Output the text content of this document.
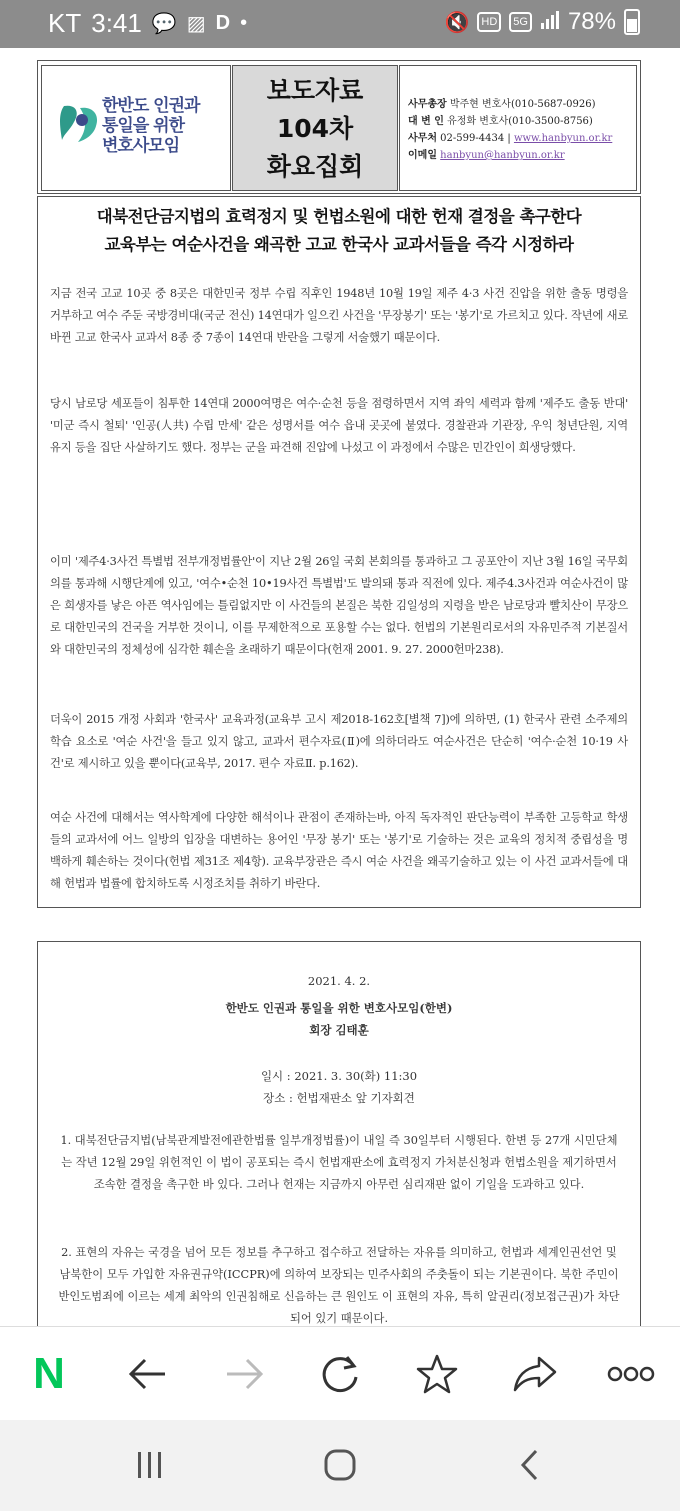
KT 3:41 💬 ▨ D •	🔇	HD	5G 78%
한반도 인권과
통일을 위한
변호사모임
보도자료
104차
화요집회
사무총장 박주현 변호사(010-5687-0926)
대 변 인 유정화 변호사(010-3500-8756)
사무처 02-599-4434 | www.hanbyun.or.kr
이메일 hanbyun@hanbyun.or.kr
대북전단금지법의 효력정지 및 헌법소원에 대한 헌재 결정을 촉구한다
교육부는 여순사건을 왜곡한 고교 한국사 교과서들을 즉각 시정하라
지금 전국 고교 10곳 중 8곳은 대한민국 정부 수립 직후인 1948년 10월 19일 제주 4·3 사건 진압을 위한 출동 명령을 거부하고 여수 주둔 국방경비대(국군 전신) 14연대가 일으킨 사건을 '무장봉기' 또는 '봉기'로 가르치고 있다. 작년에 새로 바뀐 고교 한국사 교과서 8종 중 7종이 14연대 반란을 그렇게 서술했기 때문이다.
당시 남로당 세포들이 침투한 14연대 2000여명은 여수·순천 등을 점령하면서 지역 좌익 세력과 함께 '제주도 출동 반대' '미군 즉시 철퇴' '인공(人共) 수립 만세' 같은 성명서를 여수 읍내 곳곳에 붙였다. 경찰관과 기관장, 우익 청년단원, 지역 유지 등을 집단 사살하기도 했다. 정부는 군을 파견해 진압에 나섰고 이 과정에서 수많은 민간인이 희생당했다.
이미 '제주4·3사건 특별법 전부개정법률안'이 지난 2월 26일 국회 본회의를 통과하고 그 공포안이 지난 3월 16일 국무회의를 통과해 시행단계에 있고, '여수•순천 10•19사건 특별법'도 발의돼 통과 직전에 있다. 제주4.3사건과 여순사건이 많은 희생자를 낳은 아픈 역사임에는 틀림없지만 이 사건들의 본질은 북한 김일성의 지령을 받은 남로당과 빨치산이 무장으로 대한민국의 건국을 거부한 것이니, 이를 무제한적으로 포용할 수는 없다. 헌법의 기본원리로서의 자유민주적 기본질서와 대한민국의 정체성에 심각한 훼손을 초래하기 때문이다(헌재 2001. 9. 27. 2000헌마238).
더욱이 2015 개정 사회과 '한국사' 교육과정(교육부 고시 제2018-162호[별책 7])에 의하면, (1) 한국사 관련 소주제의 학습 요소로 '여순 사건'을 들고 있지 않고, 교과서 편수자료(Ⅱ)에 의하더라도 여순사건은 단순히 '여수·순천 10·19 사건'로 제시하고 있을 뿐이다(교육부, 2017. 편수 자료Ⅱ. p.162).
여순 사건에 대해서는 역사학계에 다양한 해석이나 관점이 존재하는바, 아직 독자적인 판단능력이 부족한 고등학교 학생들의 교과서에 어느 일방의 입장을 대변하는 용어인 '무장 봉기' 또는 '봉기'로 기술하는 것은 교육의 정치적 중립성을 명백하게 훼손하는 것이다(헌법 제31조 제4항). 교육부장관은 즉시 여순 사건을 왜곡기술하고 있는 이 사건 교과서들에 대해 헌법과 법률에 합치하도록 시정조치를 취하기 바란다.
2021. 4. 2.
한반도 인권과 통일을 위한 변호사모임(한변)
회장 김태훈
일시 : 2021. 3. 30(화) 11:30
장소 : 헌법재판소 앞 기자회견
1. 대북전단금지법(남북관계발전에관한법률 일부개정법률)이 내일 즉 30일부터 시행된다. 한변 등 27개 시민단체는 작년 12월 29일 위헌적인 이 법이 공포되는 즉시 헌법재판소에 효력정지 가처분신청과 헌법소원을 제기하면서 조속한 결정을 촉구한 바 있다. 그러나 헌재는 지금까지 아무런 심리재판 없이 기일을 도과하고 있다.
2. 표현의 자유는 국경을 넘어 모든 정보를 추구하고 접수하고 전달하는 자유를 의미하고, 헌법과 세계인권선언 및 남북한이 모두 가입한 자유권규약(ICCPR)에 의하여 보장되는 민주사회의 주춧돌이 되는 기본권이다. 북한 주민이 반인도범죄에 이르는 세계 최악의 인권침해로 신음하는 큰 원인도 이 표현의 자유, 특히 알권리(정보접근권)가 차단되어 있기 때문이다.
N
